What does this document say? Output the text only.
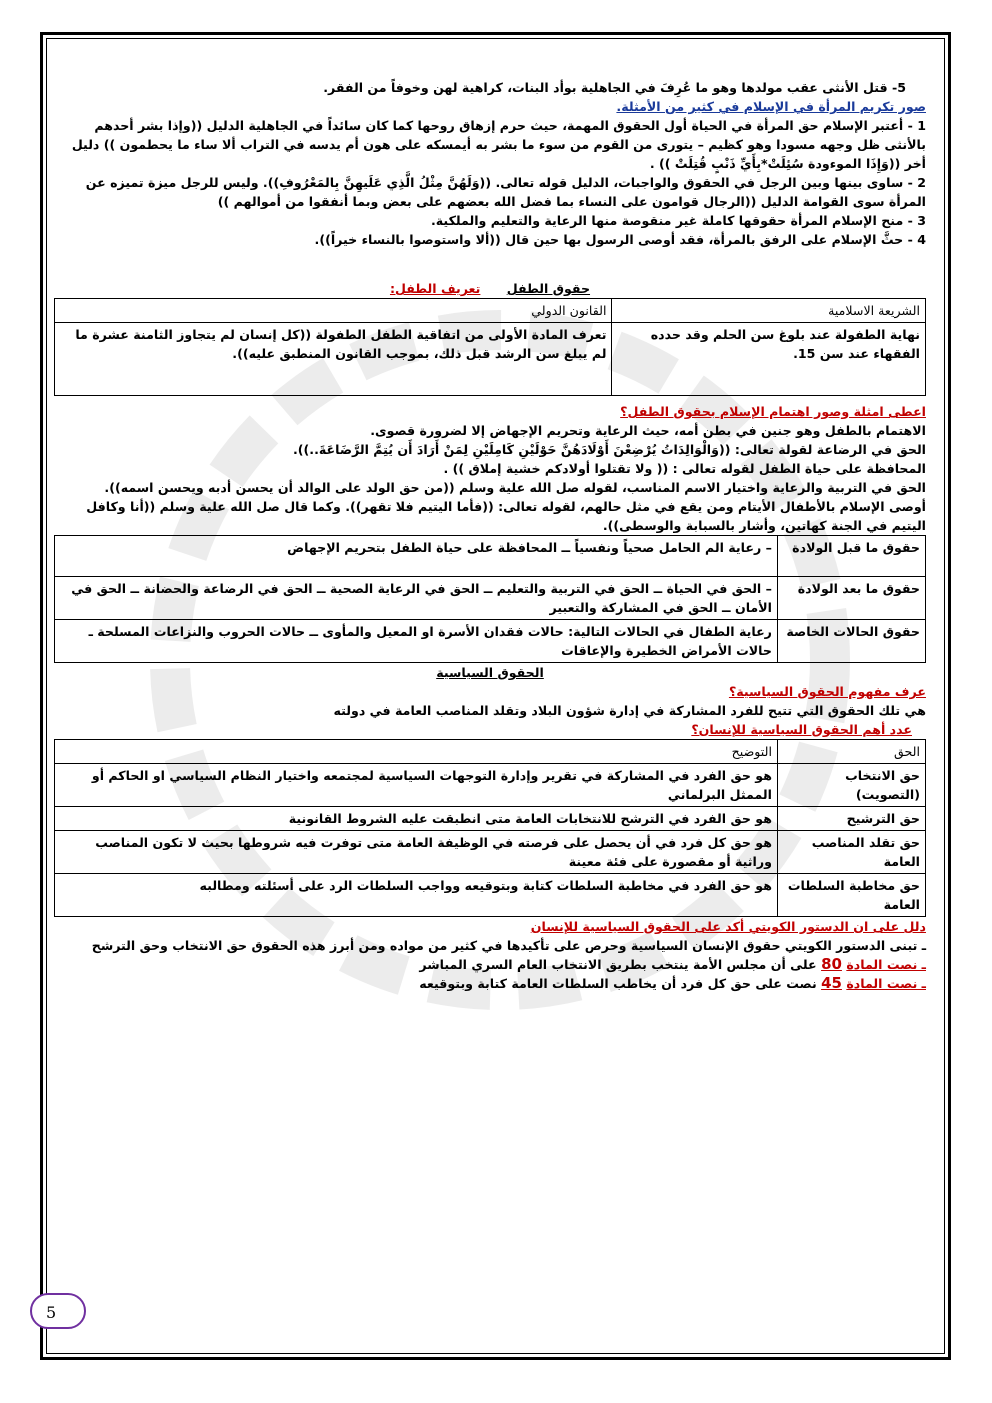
5- قتل الأنثى عقب مولدها وهو ما عُرِفَ في الجاهلية بوأد البنات، كراهية لهن وخوفاً من الفقر.

صور تكريم المرأة في الإسلام في كثير من الأمثلة.

1 - أعتبر الإسلام حق المرأة في الحياة أول الحقوق المهمة، حيث حرم إزهاق روحها كما كان سائداً في الجاهلية الدليل ((وإذا بشر أحدهم بالأنثى ظل وجهه مسودا وهو كظيم – يتورى من القوم من سوء ما بشر به أيمسكه على هون أم يدسه في التراب ألا ساء ما يحطمون )) دليل أخر ((وَإِذَا الموءودة سُئِلَتْ*بِأَيِّ ذَنْبٍ قُتِلَتْ )) .

2 - ساوى بينها وبين الرجل في الحقوق والواجبات، الدليل قوله تعالى. ((وَلَهُنَّ مِثْلُ الَّذِي عَلَيهِنَّ بِالمَعْرُوفِ)). وليس للرجل ميزة تميزه عن المرأة سوى القوامة الدليل ((الرجال قوامون على النساء بما فضل الله بعضهم على بعض وبما أنفقوا من أموالهم ))

3 - منح الإسلام المرأة حقوقها كاملة غير منقوصة منها الرعاية والتعليم والملكية.

4 - حثَّ الإسلام على الرفق بالمرأة، فقد أوصى الرسول بها حين قال ((ألا واستوصوا بالنساء خيراً)).

حقوق الطفل      تعريف الطفل:

الشريعة الاسلامية	القانون الدولي
نهاية الطفولة عند بلوغ سن الحلم وقد حدده الفقهاء عند سن 15.	تعرف المادة الأولى من اتفاقية الطفل الطفولة ((كل إنسان لم يتجاوز الثامنة عشرة ما لم يبلغ سن الرشد قبل ذلك، بموجب القانون المنطبق عليه)).

اعطى امثلة وصور اهتمام الإسلام بحقوق الطفل؟

الاهتمام بالطفل وهو جنين في بطن أمه، حيث الرعاية وتحريم الإجهاض إلا لضرورة قصوى.

الحق في الرضاعة لقولة تعالى: ((وَالْوَالِدَاتُ يُرْضِعْنَ أَوْلَادَهُنَّ حَوْلَيْنِ كَامِلَيْنِ لِمَنْ أَرَادَ أَن يُتِمَّ الرَّضَاعَةَ..)).

المحافظة على حياة الطفل لقوله تعالى : (( ولا تقتلوا أولادكم خشية إملاق )) .

الحق في التربية والرعاية واختيار الاسم المناسب، لقوله صل الله علية وسلم ((من حق الولد على الوالد أن يحسن أدبه ويحسن اسمه)).

أوصى الإسلام بالأطفال الأيتام ومن يقع في مثل حالهم، لقوله تعالى: ((فأما اليتيم فلا تقهر)). وكما قال صل الله علية وسلم ((أنا وكافل اليتيم في الجنة كهاتين، وأشار بالسبابة والوسطى)).

حقوق ما قبل الولادة	– رعاية الم الحامل صحياً ونفسياً ــ المحافظة على حياة الطفل بتحريم الإجهاض
حقوق ما بعد الولادة	– الحق في الحياة ــ الحق في التربية والتعليم ــ الحق في الرعاية الصحية ــ الحق في الرضاعة والحضانة ــ الحق في الأمان ــ الحق في المشاركة والتعبير
حقوق الحالات الخاصة	رعاية الطفال في الحالات التالية: حالات فقدان الأسرة او المعيل والمأوى ــ حالات الحروب والنزاعات المسلحة ـ حالات الأمراض الخطيرة والإعاقات

الحقوق السياسية

عرف مفهوم الحقوق السياسية؟

هي تلك الحقوق التي تتيح للفرد المشاركة في إدارة شؤون البلاد وتقلد المناصب العامة في دولته

عدد أهم الحقوق السياسية للإنسان؟

الحق	التوضيح
حق الانتخاب (التصويت)	هو حق الفرد في المشاركة في تقرير وإدارة التوجهات السياسية لمجتمعه واختيار النظام السياسي او الحاكم أو الممثل البرلماني
حق الترشيح	هو حق الفرد في الترشح للانتخابات العامة متى انطبقت عليه الشروط القانونية
حق تقلد المناصب العامة	هو حق كل فرد في أن يحصل على فرصته في الوظيفة العامة متى توفرت فيه شروطها بحيث لا تكون المناصب وراثية أو مقصورة على فئة معينة
حق مخاطبة السلطات العامة	هو حق الفرد في مخاطبة السلطات كتابة وبتوقيعه وواجب السلطات الرد على أسئلته ومطالبه

دلل على ان الدستور الكويتي أكد على الحقوق السياسية للإنسان

ـ تبنى الدستور الكويتي حقوق الإنسان السياسية وحرص على تأكيدها في كثير من مواده ومن أبرز هذه الحقوق حق الانتخاب وحق الترشح

ـ نصت المادة 80 على أن مجلس الأمة ينتخب بطريق الانتخاب العام السري المباشر

ـ نصت المادة 45 نصت على حق كل فرد أن يخاطب السلطات العامة كتابة وبتوقيعه

5
